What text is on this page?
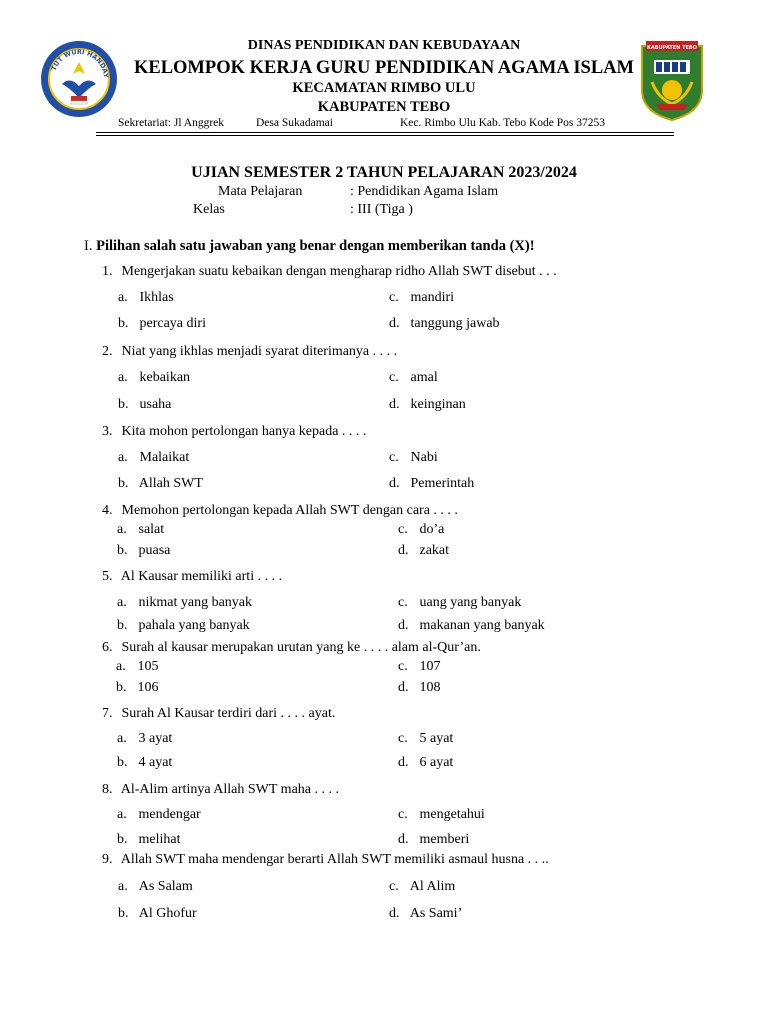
TUT WURI HANDAY
KABUPATEN TEBO
DINAS PENDIDIKAN DAN KEBUDAYAAN
KELOMPOK KERJA GURU PENDIDIKAN AGAMA ISLAM
KECAMATAN RIMBO ULU
KABUPATEN TEBO
Sekretariat: Jl Anggrek	Desa Sukadamai	Kec. Rimbo Ulu Kab. Tebo Kode Pos 37253
UJIAN SEMESTER 2 TAHUN PELAJARAN 2023/2024
Mata Pelajaran	: Pendidikan Agama Islam
Kelas	: III (Tiga )
I. Pilihan salah satu jawaban yang benar dengan memberikan tanda (X)!
1. Mengerjakan suatu kebaikan dengan mengharap ridho Allah SWT disebut . . .
a. Ikhlas	c. mandiri
b. percaya diri	d. tanggung jawab
2. Niat yang ikhlas menjadi syarat diterimanya . . . .
a. kebaikan	c. amal
b. usaha	d. keinginan
3. Kita mohon pertolongan hanya kepada . . . .
a. Malaikat	c. Nabi
b. Allah SWT	d. Pemerintah
4. Memohon pertolongan kepada Allah SWT dengan cara . . . .
a. salat	c. do’a
b. puasa	d. zakat
5. Al Kausar memiliki arti . . . .
a. nikmat yang banyak	c. uang yang banyak
b. pahala yang banyak	d. makanan yang banyak
6. Surah al kausar merupakan urutan yang ke . . . . alam al-Qur’an.
a. 105	c. 107
b. 106	d. 108
7. Surah Al Kausar terdiri dari . . . . ayat.
a. 3 ayat	c. 5 ayat
b. 4 ayat	d. 6 ayat
8. Al-Alim artinya Allah SWT maha . . . .
a. mendengar	c. mengetahui
b. melihat	d. memberi
9. Allah SWT maha mendengar berarti Allah SWT memiliki asmaul husna . . ..
a. As Salam	c. Al Alim
b. Al Ghofur	d. As Sami’
